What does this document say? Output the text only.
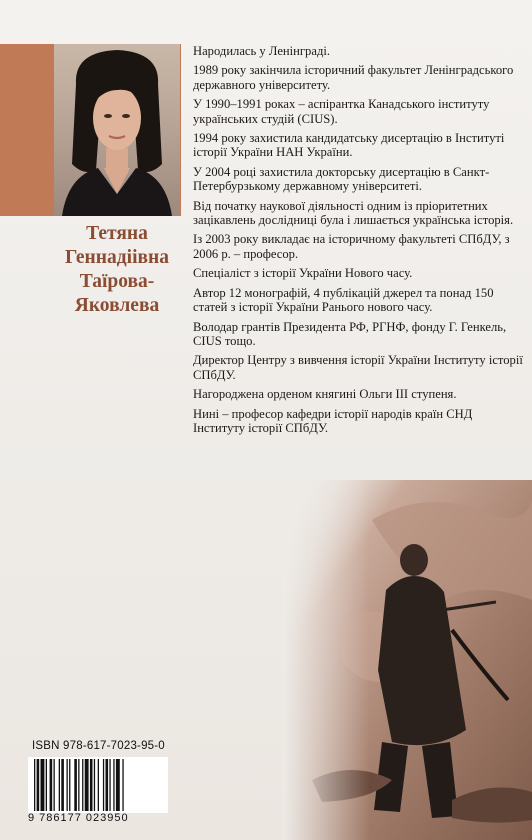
Тетяна
Геннадіівна
Таїрова-
Яковлева
Народилась у Ленінграді.
1989 року закінчила історичний факультет Ленінградського державного університету.
У 1990–1991 роках – аспірантка Канадського інституту українських студій (CIUS).
1994 року захистила кандидатську дисертацію в Інституті історії України НАН України.
У 2004 році захистила докторську дисертацію в Санкт-Петербурзькому державному університеті.
Від початку наукової діяльності одним із пріоритетних зацікавлень дослідниці була і лишається українська історія.
Із 2003 року викладає на історичному факультеті СПбДУ, з 2006 р. – професор.
Спеціаліст з історії України Нового часу.
Автор 12 монографій, 4 публікацій джерел та понад 150 статей з історії України Ранього нового часу.
Володар грантів Президента РФ, РГНФ, фонду Г. Генкель, CIUS тощо.
Директор Центру з вивчення історії України Інституту історії СПбДУ.
Нагороджена орденом княгині Ольги ІІІ ступеня.
Нині – професор кафедри історії народів країн СНД Інституту історії СПбДУ.
ISBN 978-617-7023-95-0
9 786177 023950
